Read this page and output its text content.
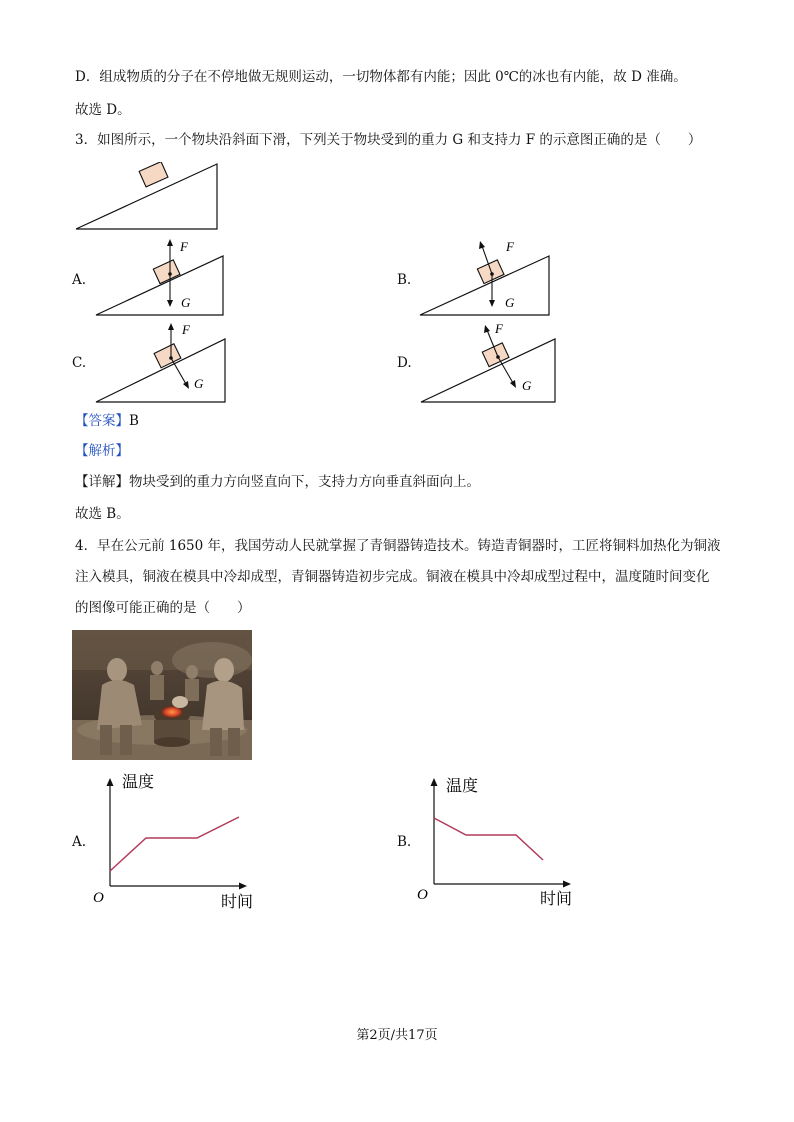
D．组成物质的分子在不停地做无规则运动，一切物体都有内能；因此 0℃的冰也有内能，故 D 准确。
故选 D。
3．如图所示，一个物块沿斜面下滑，下列关于物块受到的重力 G 和支持力 F 的示意图正确的是（　　）
A.
F
G
B.
F
G
C.
F
G
D.
F
G
【答案】B
【解析】
【详解】物块受到的重力方向竖直向下，支持力方向垂直斜面向上。
故选 B。
4．早在公元前 1650 年，我国劳动人民就掌握了青铜器铸造技术。铸造青铜器时，工匠将铜料加热化为铜液
注入模具，铜液在模具中冷却成型，青铜器铸造初步完成。铜液在模具中冷却成型过程中，温度随时间变化
的图像可能正确的是（　　）
A.
温度
时间
O
B.
温度
时间
O
第2页/共17页
